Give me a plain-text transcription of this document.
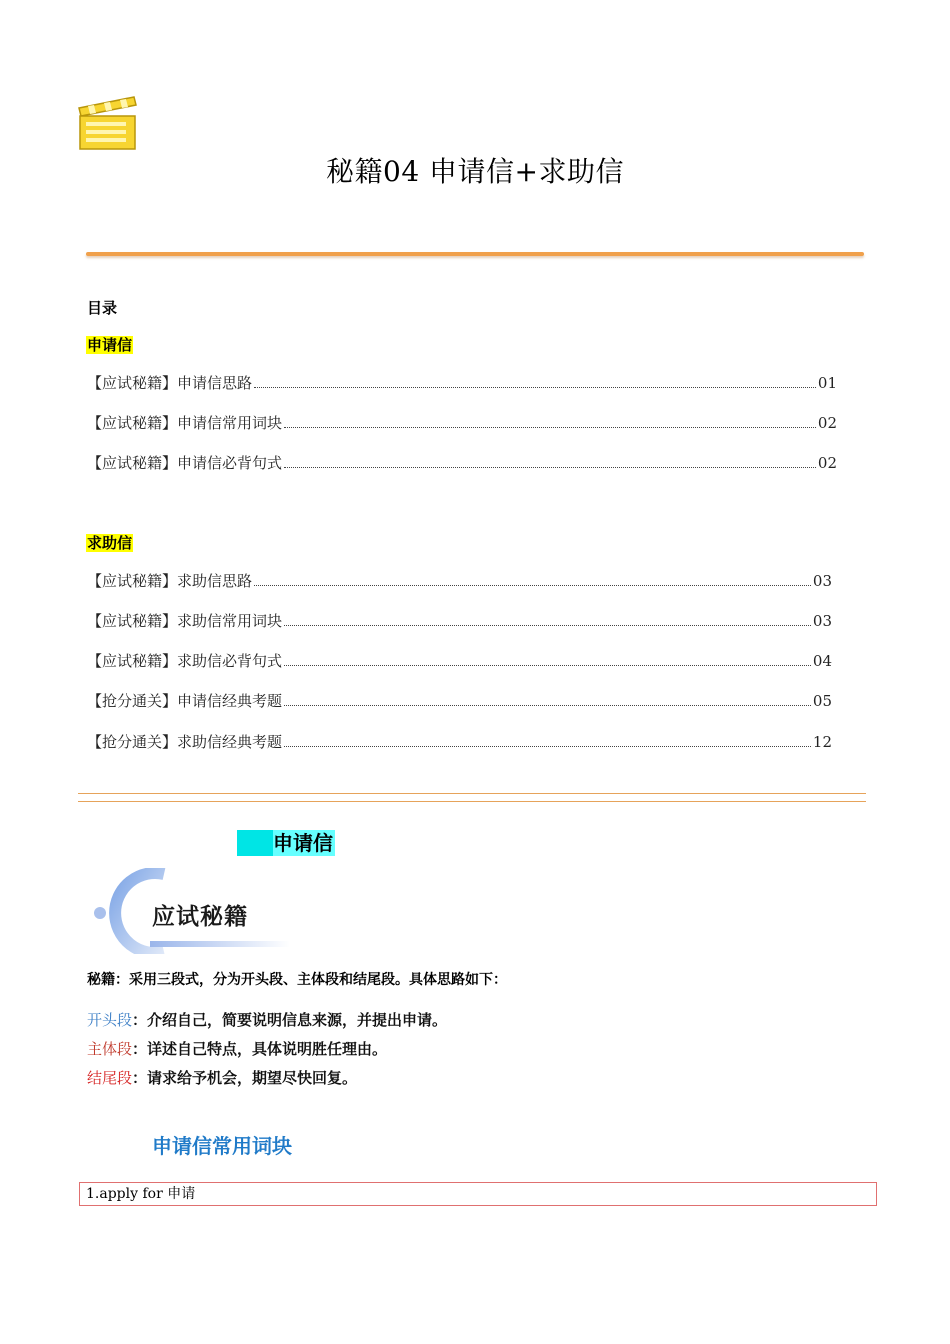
秘籍04 申请信+求助信
目录
申请信
【应试秘籍】申请信思路	01
【应试秘籍】申请信常用词块	02
【应试秘籍】申请信必背句式	02
求助信
【应试秘籍】求助信思路	03
【应试秘籍】求助信常用词块	03
【应试秘籍】求助信必背句式	04
【抢分通关】申请信经典考题	05
【抢分通关】求助信经典考题	12
申请信
应试秘籍
秘籍：采用三段式，分为开头段、主体段和结尾段。具体思路如下：
开头段：介绍自己，简要说明信息来源，并提出申请。
主体段：详述自己特点，具体说明胜任理由。
结尾段：请求给予机会，期望尽快回复。
申请信常用词块
1.apply for 申请
